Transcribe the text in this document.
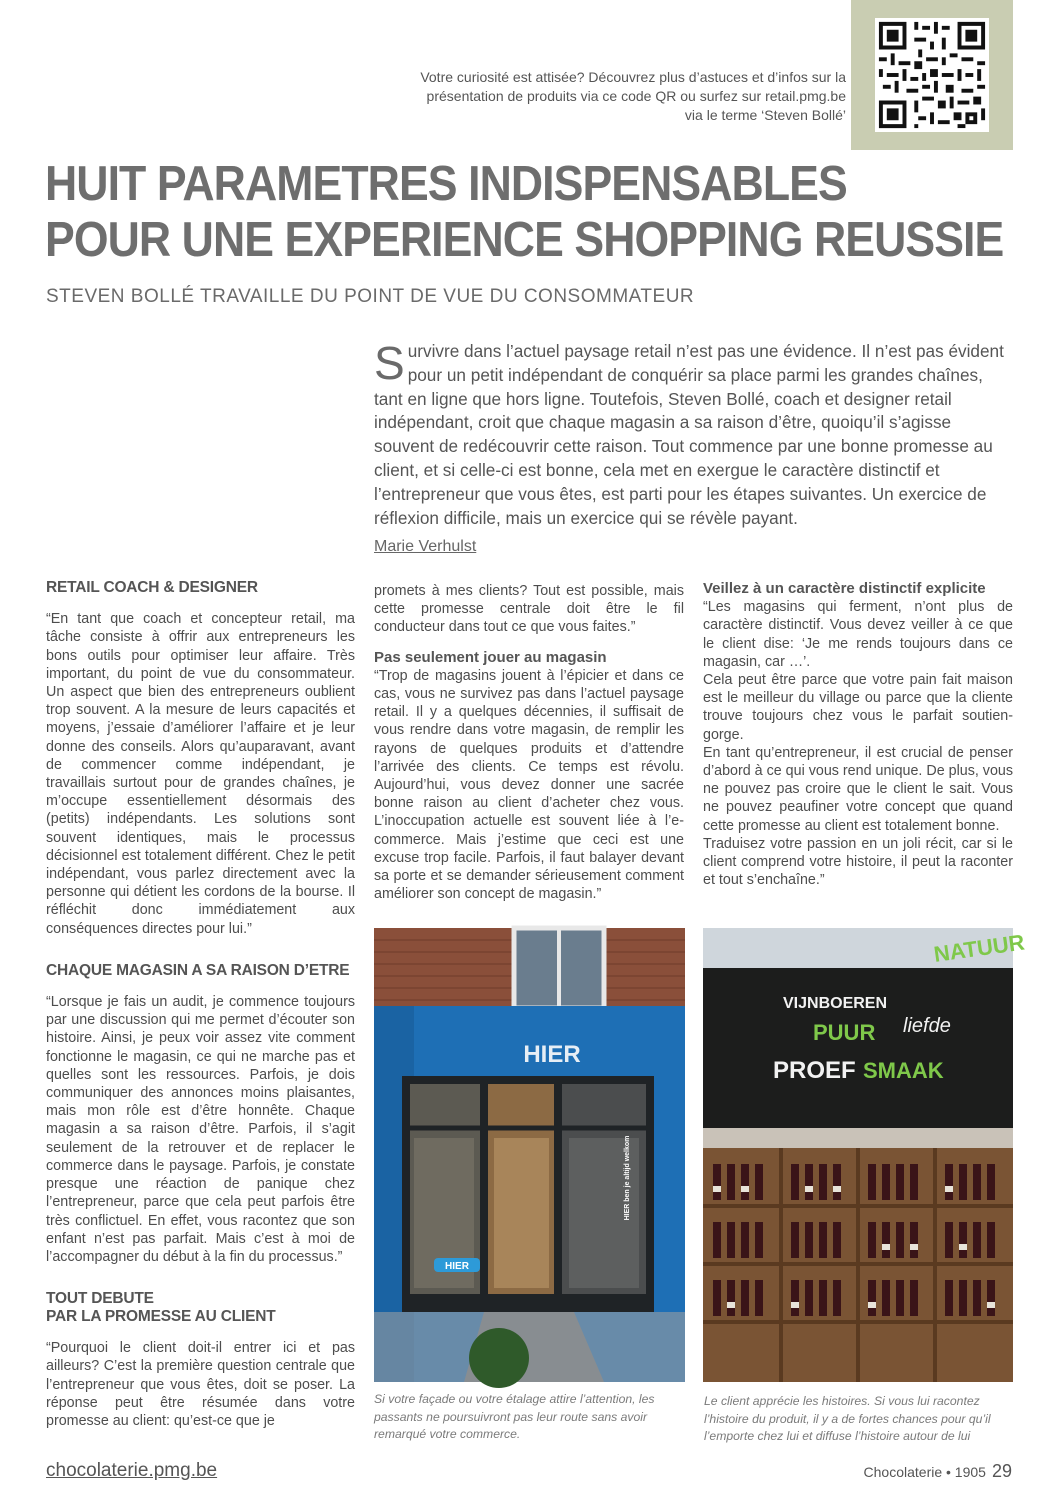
Votre curiosité est attisée? Découvrez plus d’astuces et d’infos sur la présentation de produits via ce code QR ou surfez sur retail.pmg.be via le terme ‘Steven Bollé’
HUIT PARAMETRES INDISPENSABLES
POUR UNE EXPERIENCE SHOPPING REUSSIE
STEVEN BOLLÉ TRAVAILLE DU POINT DE VUE DU CONSOMMATEUR
Survivre dans l’actuel paysage retail n’est pas une évidence. Il n’est pas évident pour un petit indépendant de conquérir sa place parmi les grandes chaînes, tant en ligne que hors ligne. Toutefois, Steven Bollé, coach et designer retail indépendant, croit que chaque magasin a sa raison d’être, quoiqu’il s’agisse souvent de redécouvrir cette raison. Tout commence par une bonne promesse au client, et si celle-ci est bonne, cela met en exergue le caractère distinctif et l’entrepreneur que vous êtes, est parti pour les étapes suivantes. Un exercice de réflexion difficile, mais un exercice qui se révèle payant.
Marie Verhulst
RETAIL COACH & DESIGNER

“En tant que coach et concepteur retail, ma tâche consiste à offrir aux entrepreneurs les bons outils pour optimiser leur affaire. Très important, du point de vue du consommateur. Un aspect que bien des entrepreneurs oublient trop souvent. A la mesure de leurs capacités et moyens, j’essaie d’améliorer l’affaire et je leur donne des conseils. Alors qu’auparavant, avant de commencer comme indépendant, je travaillais surtout pour de grandes chaînes, je m’occupe essentiellement désormais des (petits) indépendants. Les solutions sont souvent identiques, mais le processus décisionnel est totalement différent. Chez le petit indépendant, vous parlez directement avec la personne qui détient les cordons de la bourse. Il réfléchit donc immédiatement aux conséquences directes pour lui.”

CHAQUE MAGASIN A SA RAISON D’ETRE

“Lorsque je fais un audit, je commence toujours par une discussion qui me permet d’écouter son histoire. Ainsi, je peux voir assez vite comment fonctionne le magasin, ce qui ne marche pas et quelles sont les ressources. Parfois, je dois communiquer des annonces moins plaisantes, mais mon rôle est d’être honnête. Chaque magasin a sa raison d’être. Parfois, il s’agit seulement de la retrouver et de replacer le commerce dans le paysage. Parfois, je constate presque une réaction de panique chez l’entrepreneur, parce que cela peut parfois être très conflictuel. En effet, vous racontez que son enfant n’est pas parfait. Mais c’est à moi de l’accompagner du début à la fin du processus.”

TOUT DEBUTE
PAR LA PROMESSE AU CLIENT

“Pourquoi le client doit-il entrer ici et pas ailleurs? C’est la première question centrale que l’entrepreneur que vous êtes, doit se poser. La réponse peut être résumée dans votre promesse au client: qu’est-ce que je

promets à mes clients? Tout est possible, mais cette promesse centrale doit être le fil conducteur dans tout ce que vous faites.”

Pas seulement jouer au magasin

“Trop de magasins jouent à l’épicier et dans ce cas, vous ne survivez pas dans l’actuel paysage retail. Il y a quelques décennies, il suffisait de vous rendre dans votre magasin, de remplir les rayons de quelques produits et d’attendre l’arrivée des clients. Ce temps est révolu. Aujourd’hui, vous devez donner une sacrée bonne raison au client d’acheter chez vous. L’inoccupation actuelle est souvent liée à l’e-commerce. Mais j’estime que ceci est une excuse trop facile. Parfois, il faut balayer devant sa porte et se demander sérieusement comment améliorer son concept de magasin.”

Veillez à un caractère distinctif explicite

“Les magasins qui ferment, n’ont plus de caractère distinctif. Vous devez veiller à ce que le client dise: ‘Je me rends toujours dans ce magasin, car …’.

Cela peut être parce que votre pain fait maison est le meilleur du village ou parce que la cliente trouve toujours chez vous le parfait soutien-gorge.

En tant qu’entrepreneur, il est crucial de penser d’abord à ce qui vous rend unique. De plus, vous ne pouvez pas croire que le client le sait. Vous ne pouvez peaufiner votre concept que quand cette promesse au client est totalement bonne.

Traduisez votre passion en un joli récit, car si le client comprend votre histoire, il peut la raconter et tout s’enchaîne.”

HIER
HIER ben je altijd welkom
HIER
VIJNBOEREN
PUUR liefde
PROEF SMAAK
NATUUR
Si votre façade ou votre étalage attire l’attention, les passants ne poursuivront pas leur route sans avoir remarqué votre commerce.
Le client apprécie les histoires. Si vous lui racontez l’histoire du produit, il y a de fortes chances pour qu’il l’emporte chez lui et diffuse l’histoire autour de lui
chocolaterie.pmg.be	Chocolaterie • 1905 29
